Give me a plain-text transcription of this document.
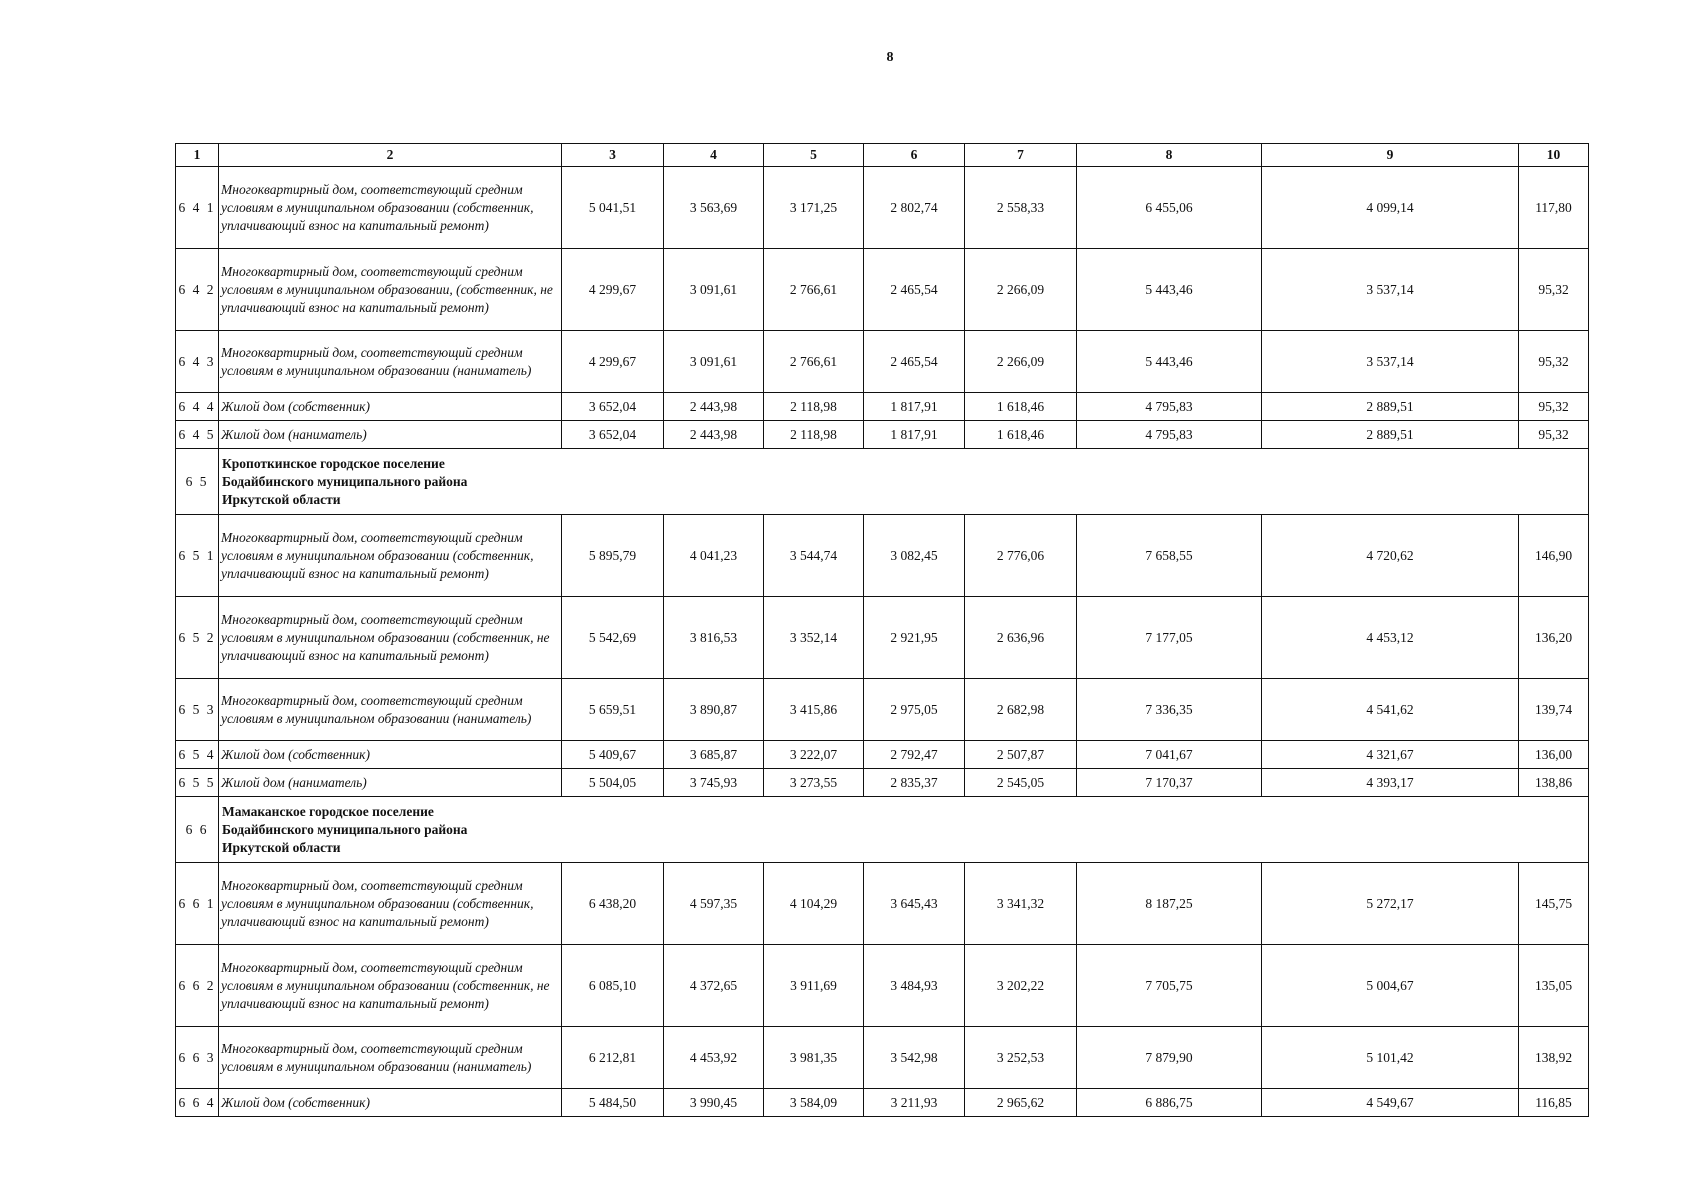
8
1	2	3	4	5	6	7	8	9	10
6 4 1	Многоквартирный дом, соответствующий средним условиям в муниципальном образовании (собственник, уплачивающий взнос на капитальный ремонт)	5 041,51	3 563,69	3 171,25	2 802,74	2 558,33	6 455,06	4 099,14	117,80
6 4 2	Многоквартирный дом, соответствующий средним условиям в муниципальном образовании, (собственник, не уплачивающий взнос на капитальный ремонт)	4 299,67	3 091,61	2 766,61	2 465,54	2 266,09	5 443,46	3 537,14	95,32
6 4 3	Многоквартирный дом, соответствующий средним условиям в муниципальном образовании (наниматель)	4 299,67	3 091,61	2 766,61	2 465,54	2 266,09	5 443,46	3 537,14	95,32
6 4 4	Жилой дом (собственник)	3 652,04	2 443,98	2 118,98	1 817,91	1 618,46	4 795,83	2 889,51	95,32
6 4 5	Жилой дом (наниматель)	3 652,04	2 443,98	2 118,98	1 817,91	1 618,46	4 795,83	2 889,51	95,32
6 5	Кропоткинское городское поселение Бодайбинского муниципального района Иркутской области								

6 5 1	Многоквартирный дом, соответствующий средним условиям в муниципальном образовании (собственник, уплачивающий взнос на капитальный ремонт)	5 895,79	4 041,23	3 544,74	3 082,45	2 776,06	7 658,55	4 720,62	146,90
6 5 2	Многоквартирный дом, соответствующий средним условиям в муниципальном образовании (собственник, не уплачивающий взнос на капитальный ремонт)	5 542,69	3 816,53	3 352,14	2 921,95	2 636,96	7 177,05	4 453,12	136,20
6 5 3	Многоквартирный дом, соответствующий средним условиям в муниципальном образовании (наниматель)	5 659,51	3 890,87	3 415,86	2 975,05	2 682,98	7 336,35	4 541,62	139,74
6 5 4	Жилой дом (собственник)	5 409,67	3 685,87	3 222,07	2 792,47	2 507,87	7 041,67	4 321,67	136,00
6 5 5	Жилой дом (наниматель)	5 504,05	3 745,93	3 273,55	2 835,37	2 545,05	7 170,37	4 393,17	138,86
6 6	Мамаканское городское поселение Бодайбинского муниципального района Иркутской области								

6 6 1	Многоквартирный дом, соответствующий средним условиям в муниципальном образовании (собственник, уплачивающий взнос на капитальный ремонт)	6 438,20	4 597,35	4 104,29	3 645,43	3 341,32	8 187,25	5 272,17	145,75
6 6 2	Многоквартирный дом, соответствующий средним условиям в муниципальном образовании (собственник, не уплачивающий взнос на капитальный ремонт)	6 085,10	4 372,65	3 911,69	3 484,93	3 202,22	7 705,75	5 004,67	135,05
6 6 3	Многоквартирный дом, соответствующий средним условиям в муниципальном образовании (наниматель)	6 212,81	4 453,92	3 981,35	3 542,98	3 252,53	7 879,90	5 101,42	138,92
6 6 4	Жилой дом (собственник)	5 484,50	3 990,45	3 584,09	3 211,93	2 965,62	6 886,75	4 549,67	116,85
